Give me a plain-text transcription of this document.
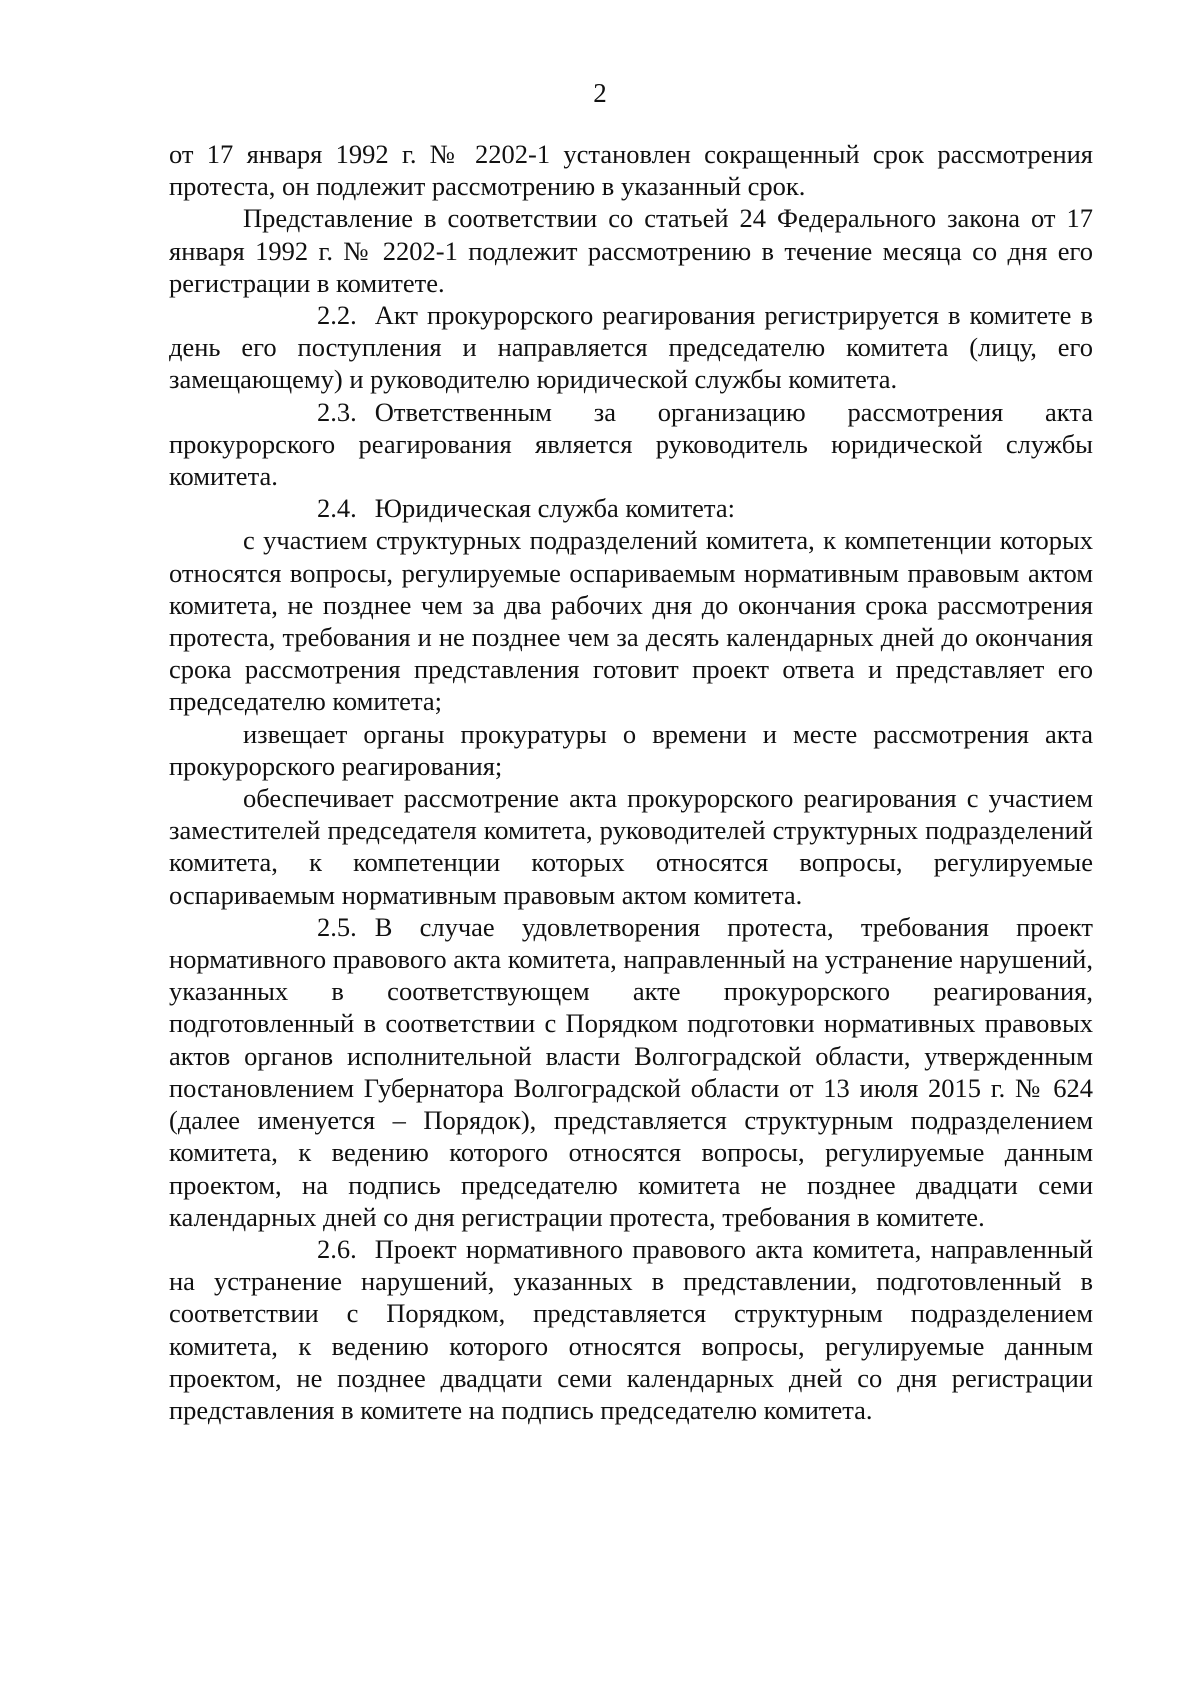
2

от 17 января 1992 г. № 2202-1 установлен сокращенный срок рассмотрения протеста, он подлежит рассмотрению в указанный срок.

Представление в соответствии со статьей 24 Федерального закона от 17 января 1992 г. № 2202-1 подлежит рассмотрению в течение месяца со дня его регистрации в комитете.

2.2. Акт прокурорского реагирования регистрируется в комитете в день его поступления и направляется председателю комитета (лицу, его замещающему) и руководителю юридической службы комитета.

2.3. Ответственным за организацию рассмотрения акта прокурорского реагирования является руководитель юридической службы комитета.

2.4. Юридическая служба комитета:

с участием структурных подразделений комитета, к компетенции которых относятся вопросы, регулируемые оспариваемым нормативным правовым актом комитета, не позднее чем за два рабочих дня до окончания срока рассмотрения протеста, требования и не позднее чем за десять календарных дней до окончания срока рассмотрения представления готовит проект ответа и представляет его председателю комитета;

извещает органы прокуратуры о времени и месте рассмотрения акта прокурорского реагирования;

обеспечивает рассмотрение акта прокурорского реагирования с участием заместителей председателя комитета, руководителей структурных подразделений комитета, к компетенции которых относятся вопросы, регулируемые оспариваемым нормативным правовым актом комитета.

2.5. В случае удовлетворения протеста, требования проект нормативного правового акта комитета, направленный на устранение нарушений, указанных в соответствующем акте прокурорского реагирования, подготовленный в соответствии с Порядком подготовки нормативных правовых актов органов исполнительной власти Волгоградской области, утвержденным постановлением Губернатора Волгоградской области от 13 июля 2015 г. № 624 (далее именуется – Порядок), представляется структурным подразделением комитета, к ведению которого относятся вопросы, регулируемые данным проектом, на подпись председателю комитета не позднее двадцати семи календарных дней со дня регистрации протеста, требования в комитете.

2.6. Проект нормативного правового акта комитета, направленный на устранение нарушений, указанных в представлении, подготовленный в соответствии с Порядком, представляется структурным подразделением комитета, к ведению которого относятся вопросы, регулируемые данным проектом, не позднее двадцати семи календарных дней со дня регистрации представления в комитете на подпись председателю комитета.
